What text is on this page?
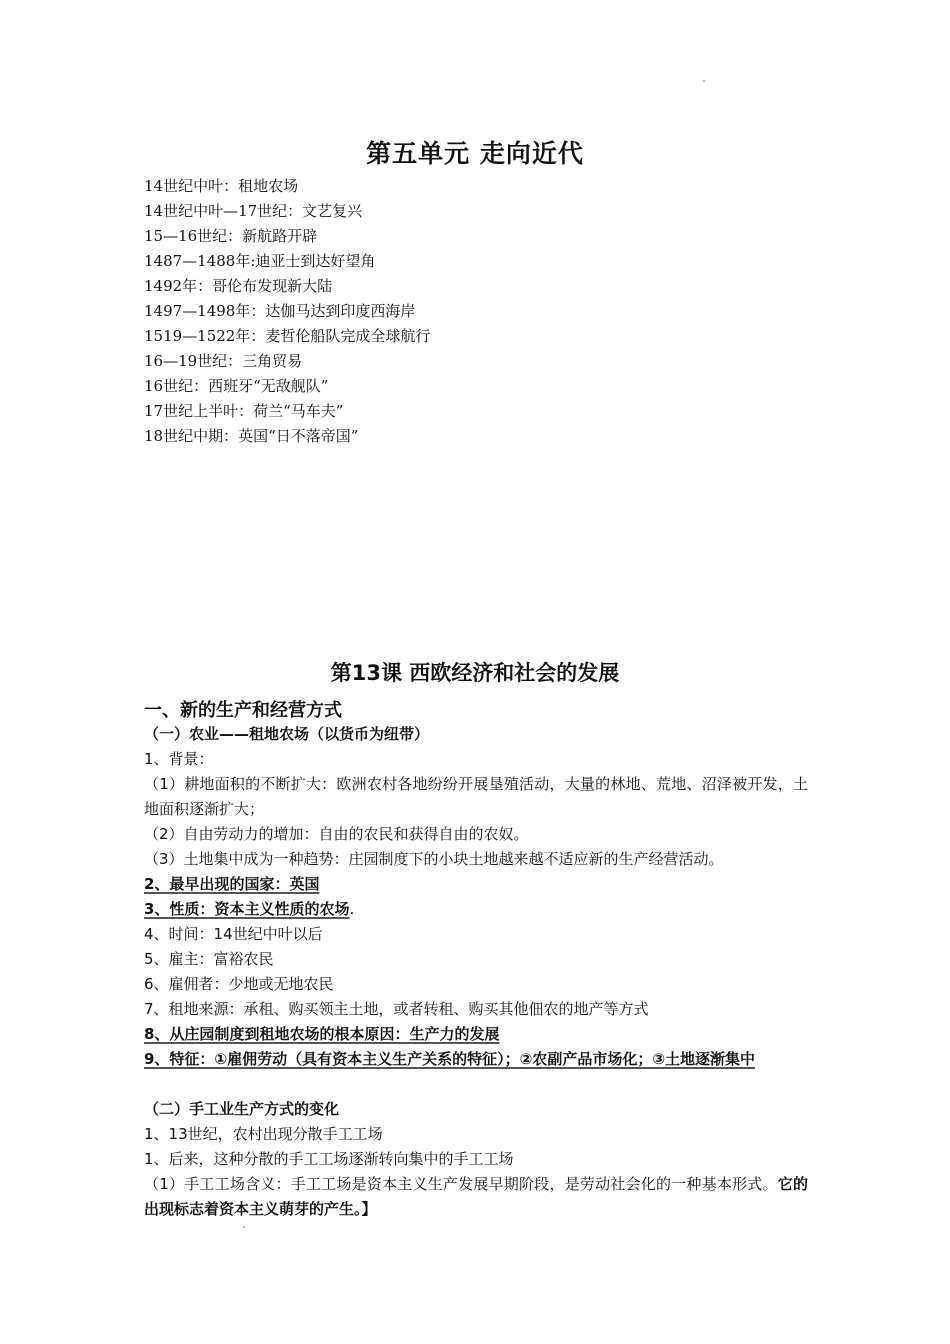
第五单元 走向近代
14世纪中叶：租地农场
14世纪中叶—17世纪：文艺复兴
15—16世纪：新航路开辟
1487—1488年:迪亚士到达好望角
1492年：哥伦布发现新大陆
1497—1498年：达伽马达到印度西海岸
1519—1522年：麦哲伦船队完成全球航行
16—19世纪：三角贸易
16世纪：西班牙“无敌舰队”
17世纪上半叶：荷兰“马车夫”
18世纪中期：英国“日不落帝国”
第13课 西欧经济和社会的发展
一、新的生产和经营方式
（一）农业——租地农场（以货币为纽带）
1、背景：
（1）耕地面积的不断扩大：欧洲农村各地纷纷开展垦殖活动，大量的林地、荒地、沼泽被开发，土地面积逐渐扩大；
（2）自由劳动力的增加：自由的农民和获得自由的农奴。
（3）土地集中成为一种趋势：庄园制度下的小块土地越来越不适应新的生产经营活动。
2、最早出现的国家：英国
3、性质：资本主义性质的农场.
4、时间：14世纪中叶以后
5、雇主：富裕农民
6、雇佣者：少地或无地农民
7、租地来源：承租、购买领主土地，或者转租、购买其他佃农的地产等方式
8、从庄园制度到租地农场的根本原因：生产力的发展
9、特征：①雇佣劳动（具有资本主义生产关系的特征）；②农副产品市场化；③土地逐渐集中
（二）手工业生产方式的变化
1、13世纪，农村出现分散手工工场
1、后来，这种分散的手工工场逐渐转向集中的手工工场
（1）手工工场含义：手工工场是资本主义生产发展早期阶段，是劳动社会化的一种基本形式。它的出现标志着资本主义萌芽的产生。】
